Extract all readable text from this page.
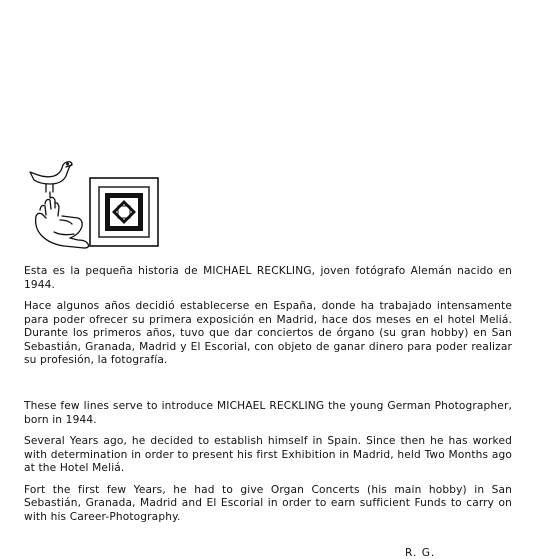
Esta es la pequeña historia de MICHAEL RECKLING, joven fotógrafo Alemán nacido en 1944.

Hace algunos años decidió establecerse en España, donde ha trabajado intensamente para poder ofrecer su primera exposición en Madrid, hace dos meses en el hotel Meliá. Durante los primeros años, tuvo que dar conciertos de órgano (su gran hobby) en San Sebastián, Granada, Madrid y El Escorial, con objeto de ganar dinero para poder realizar su profesión, la fotografía.

These few lines serve to introduce MICHAEL RECKLING the young German Photographer, born in 1944.

Several Years ago, he decided to establish himself in Spain. Since then he has worked with determination in order to present his first Exhibition in Madrid, held Two Months ago at the Hotel Meliá.

Fort the first few Years, he had to give Organ Concerts (his main hobby) in San Sebastián, Granada, Madrid and El Escorial in order to earn sufficient Funds to carry on with his Career-Photography.

R. G.
